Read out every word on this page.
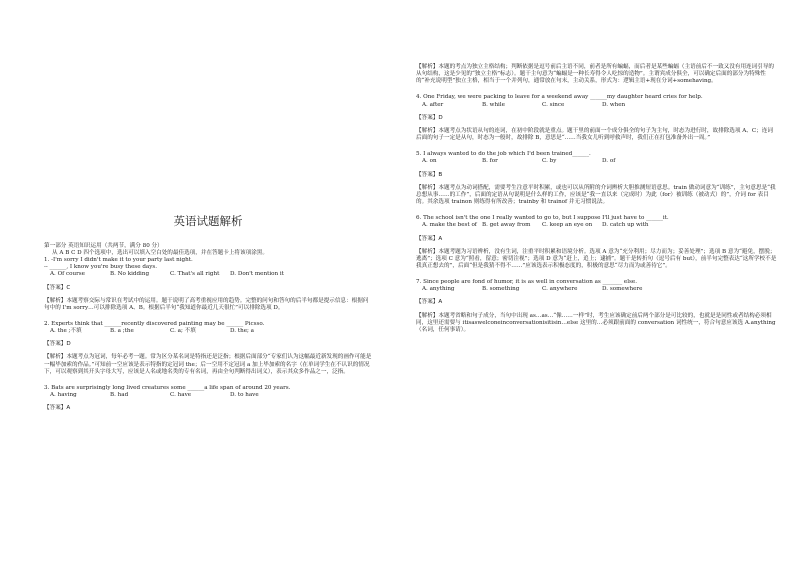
英语试题解析

第一部分 英语知识运用（共两节，满分 80 分）

从 A B C D 四个选项中，选出可以填入空白处的最佳选项，并在答题卡上将该项涂黑。

1. -I'm sorry I didn't make it to your party last night.

-- ______, I know you're busy these days.

A. Of course	B. No kidding	C. That's all right	D. Don't mention it

【答案】C

【解析】本题考察交际与常识在考试中的运用。题干说明了高考重视应用的趋势。完整的问句和答句的后半句都是提示信息：根据问句中的 I'm sorry…可以排除选项 A、B。根据后半句“我知道你最近几天很忙”可以排除选项 D。

2. Experts think that ______recently discovered painting may be ______ Picsso.

A. the ;不填	B. a ;the	C. a; 不填	D. the; a

【答案】D

【解析】本题考点为冠词，每年必考一题。常为区分某名词是特指还是泛指；根据后面部分“专家们认为这幅最近新发现的画作可能是一幅毕加索的作品。”可知前一空应该是表示特指的定冠词 the；后一空用不定冠词 a 加上毕加索的名字（在单词学生在不认识的情况下，可以观察到其开头字母大写，应该是人名或地名类的专有名词，再由全句判断得出词义），表示其众多作品之一，泛指。

3. Bats are surprisingly long lived creatures some ______a life span of around 20 years.

A. having	B. had	C. have	D. to have

【答案】A

【解析】本题的考点为独立主格结构；判断依据是逗号前后主语不同，前者是所有蝙蝠，而后者是某些蝙蝠（主语前后不一致又没有用连词引导的从句结构，这是少见的“独立主格”标志）。题干主句意为“蝙蝠是一种长寿得令人吃惊的造物”。主谓宾成分俱全，可以确定后面的部分为特殊性的“补充说明型”独立主格，相当于一个并列句，通常放在句末，主动关系，形式为：逻辑主语+现在分词+somehaving。

4. One Friday, we were packing to leave for a weekend away ______my daughter heard cries for help.

A. after	B. while	C. since	D. when

【答案】D

【解析】本题考点为状语从句的连词，在初中阶段就是重点。题干里的前面一个成分俱全的句子为主句，时态为进行时，故排除选项 A、C；连词后面的句子一定是从句，时态为一般时，故排除 B，意思是“……当我女儿听到呼救声时，我们正在打包准备外出一周。”

5. I always wanted to do the job which I'd been trained______.

A. on	B. for	C. by	D. of

【答案】B

【解析】本题考点为动词搭配，需要考生注意平时积累，或也可以从所附的介词辨析大胆推测短语意思。train 做动词意为“训练”，主句意思是“我总想从事……的工作”，后面的定语从句说明是什么样的工作，应该是“我一直以来（完成时）为此（for）被训练（被动式）的”，介词 for 表目的。其余选项 trainon 则练得有所改善；trainby 和 trainof 并无习惯说法。

6. The school isn't the one I really wanted to go to, but I suppose I'll just have to ______it.

A. make the best of B. get away from	C. keep an eye on	D. catch up with

【答案】A

【解析】本题考题为习语辨析，没有生词，注重平时积累和语境分析。选项 A 意为“充分利用；尽力而为；妥善处理”；选项 B 意为“避免，摆脱；逃离”；选项 C 意为“照看，留意；密切注视”；选项 D 意为“赶上，追上；逮捕”。题干是转折句（逗号后有 but），前半句完整表达“这所学校不是我真正想去的”，后面“但是我猜不得不……”应该选表示积极态度的，积极的意思“尽力而为或善待它”。

7. Since people are fond of humor, it is as well in conversation as _______ else.

A. anything	B. something	C. anywhere	D. somewhere

【答案】A

【解析】本题考省略和句子成分，当句中出现 as…as…“像……一样”时，考生应该确定前后两个部分是可比较的，也就是是同性或者结构必须相同，这里还需要与 itisaswelconeinconversationisitisin…else 这里的…必须跟前面的 conversation 词性统一，符合句意应该选 A.anything（名词，任何事请）。
